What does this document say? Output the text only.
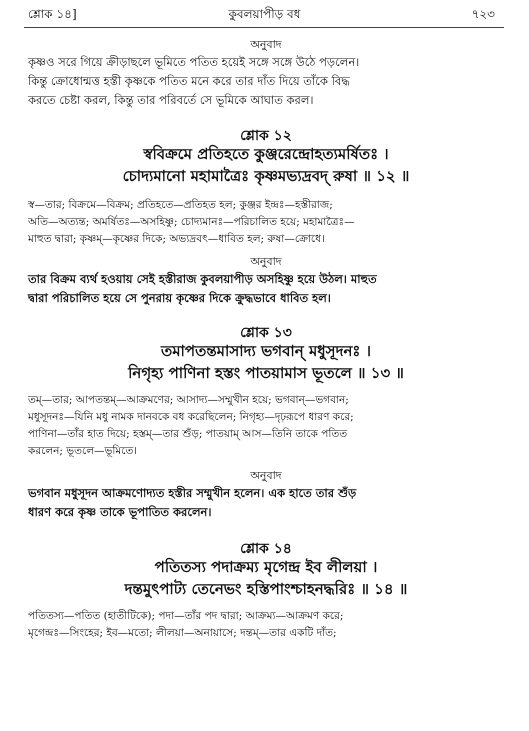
শ্লোক ১৪]	কুবলয়াপীড় বধ	৭২৩
অনুবাদ
কৃষ্ণও সরে গিয়ে ক্রীড়াছলে ভূমিতে পতিত হয়েই সঙ্গে সঙ্গে উঠে পড়লেন।
কিন্তু ক্রোধোন্মত্ত হস্তী কৃষ্ণকে পতিত মনে করে তার দাঁত দিয়ে তাঁকে বিদ্ধ
করতে চেষ্টা করল, কিন্তু তার পরিবর্তে সে ভূমিকে আঘাত করল।
শ্লোক ১২
স্ববিক্রমে প্রতিহতে কুঞ্জরেন্দ্রোহত্যমর্ষিতঃ ।
চোদ্যমানো মহামাত্রৈঃ কৃষ্ণমভ্যদ্রবদ্ রুষা ॥ ১২ ॥
স্ব—তার; বিক্রমে—বিক্রম; প্রতিহতে—প্রতিহত হল; কুঞ্জর ইন্দ্রঃ—হস্তীরাজ;
অতি—অত্যন্ত; অমর্ষিতঃ—অসহিষ্ণু; চোদ্যমানঃ—পরিচালিত হয়ে; মহামাত্রৈঃ—
মাহুত দ্বারা; কৃষ্ণম্—কৃষ্ণের দিকে; অভ্যদ্রবৎ—ধাবিত হল; রুষা—ক্রোধে।
অনুবাদ
তার বিক্রম ব্যর্থ হওয়ায় সেই হস্তীরাজ কুবলয়াপীড় অসহিষ্ণু হয়ে উঠল। মাহুত
দ্বারা পরিচালিত হয়ে সে পুনরায় কৃষ্ণের দিকে ক্রুদ্ধভাবে ধাবিত হল।
শ্লোক ১৩
তমাপতন্তমাসাদ্য ভগবান্ মধুসূদনঃ ।
নিগৃহ্য পাণিনা হস্তং পাতয়ামাস ভূতলে ॥ ১৩ ॥
তম্—তার; আপতন্তম্—আক্রমণের; আসাদ্য—সম্মুখীন হয়ে; ভগবান্—ভগবান;
মধুসূদনঃ—যিনি মধু নামক দানবকে বধ করেছিলেন; নিগৃহ্য—দৃঢ়রূপে ধারণ করে;
পাণিনা—তাঁর হাত দিয়ে; হস্তম্—তার শুঁড়; পাতয়াম্ আস—তিনি তাকে পতিত
করলেন; ভূতলে—ভূমিতে।
অনুবাদ
ভগবান মধুসূদন আক্রমণোদ্যত হস্তীর সম্মুখীন হলেন। এক হাতে তার শুঁড়
ধারণ করে কৃষ্ণ তাকে ভূপাতিত করলেন।
শ্লোক ১৪
পতিতস্য পদাক্রম্য মৃগেন্দ্র ইব লীলয়া ।
দন্তমুৎপাট্য তেনেভং হস্তিপাংশ্চাহনদ্ধরিঃ ॥ ১৪ ॥
পতিতস্য—পতিত (হাতীটিকে); পদা—তাঁর পদ দ্বারা; আক্রম্য—আক্রমণ করে;
মৃগেন্দ্রঃ—সিংহের; ইব—মতো; লীলয়া—অনায়াসে; দন্তম্—তার একটি দাঁত;
